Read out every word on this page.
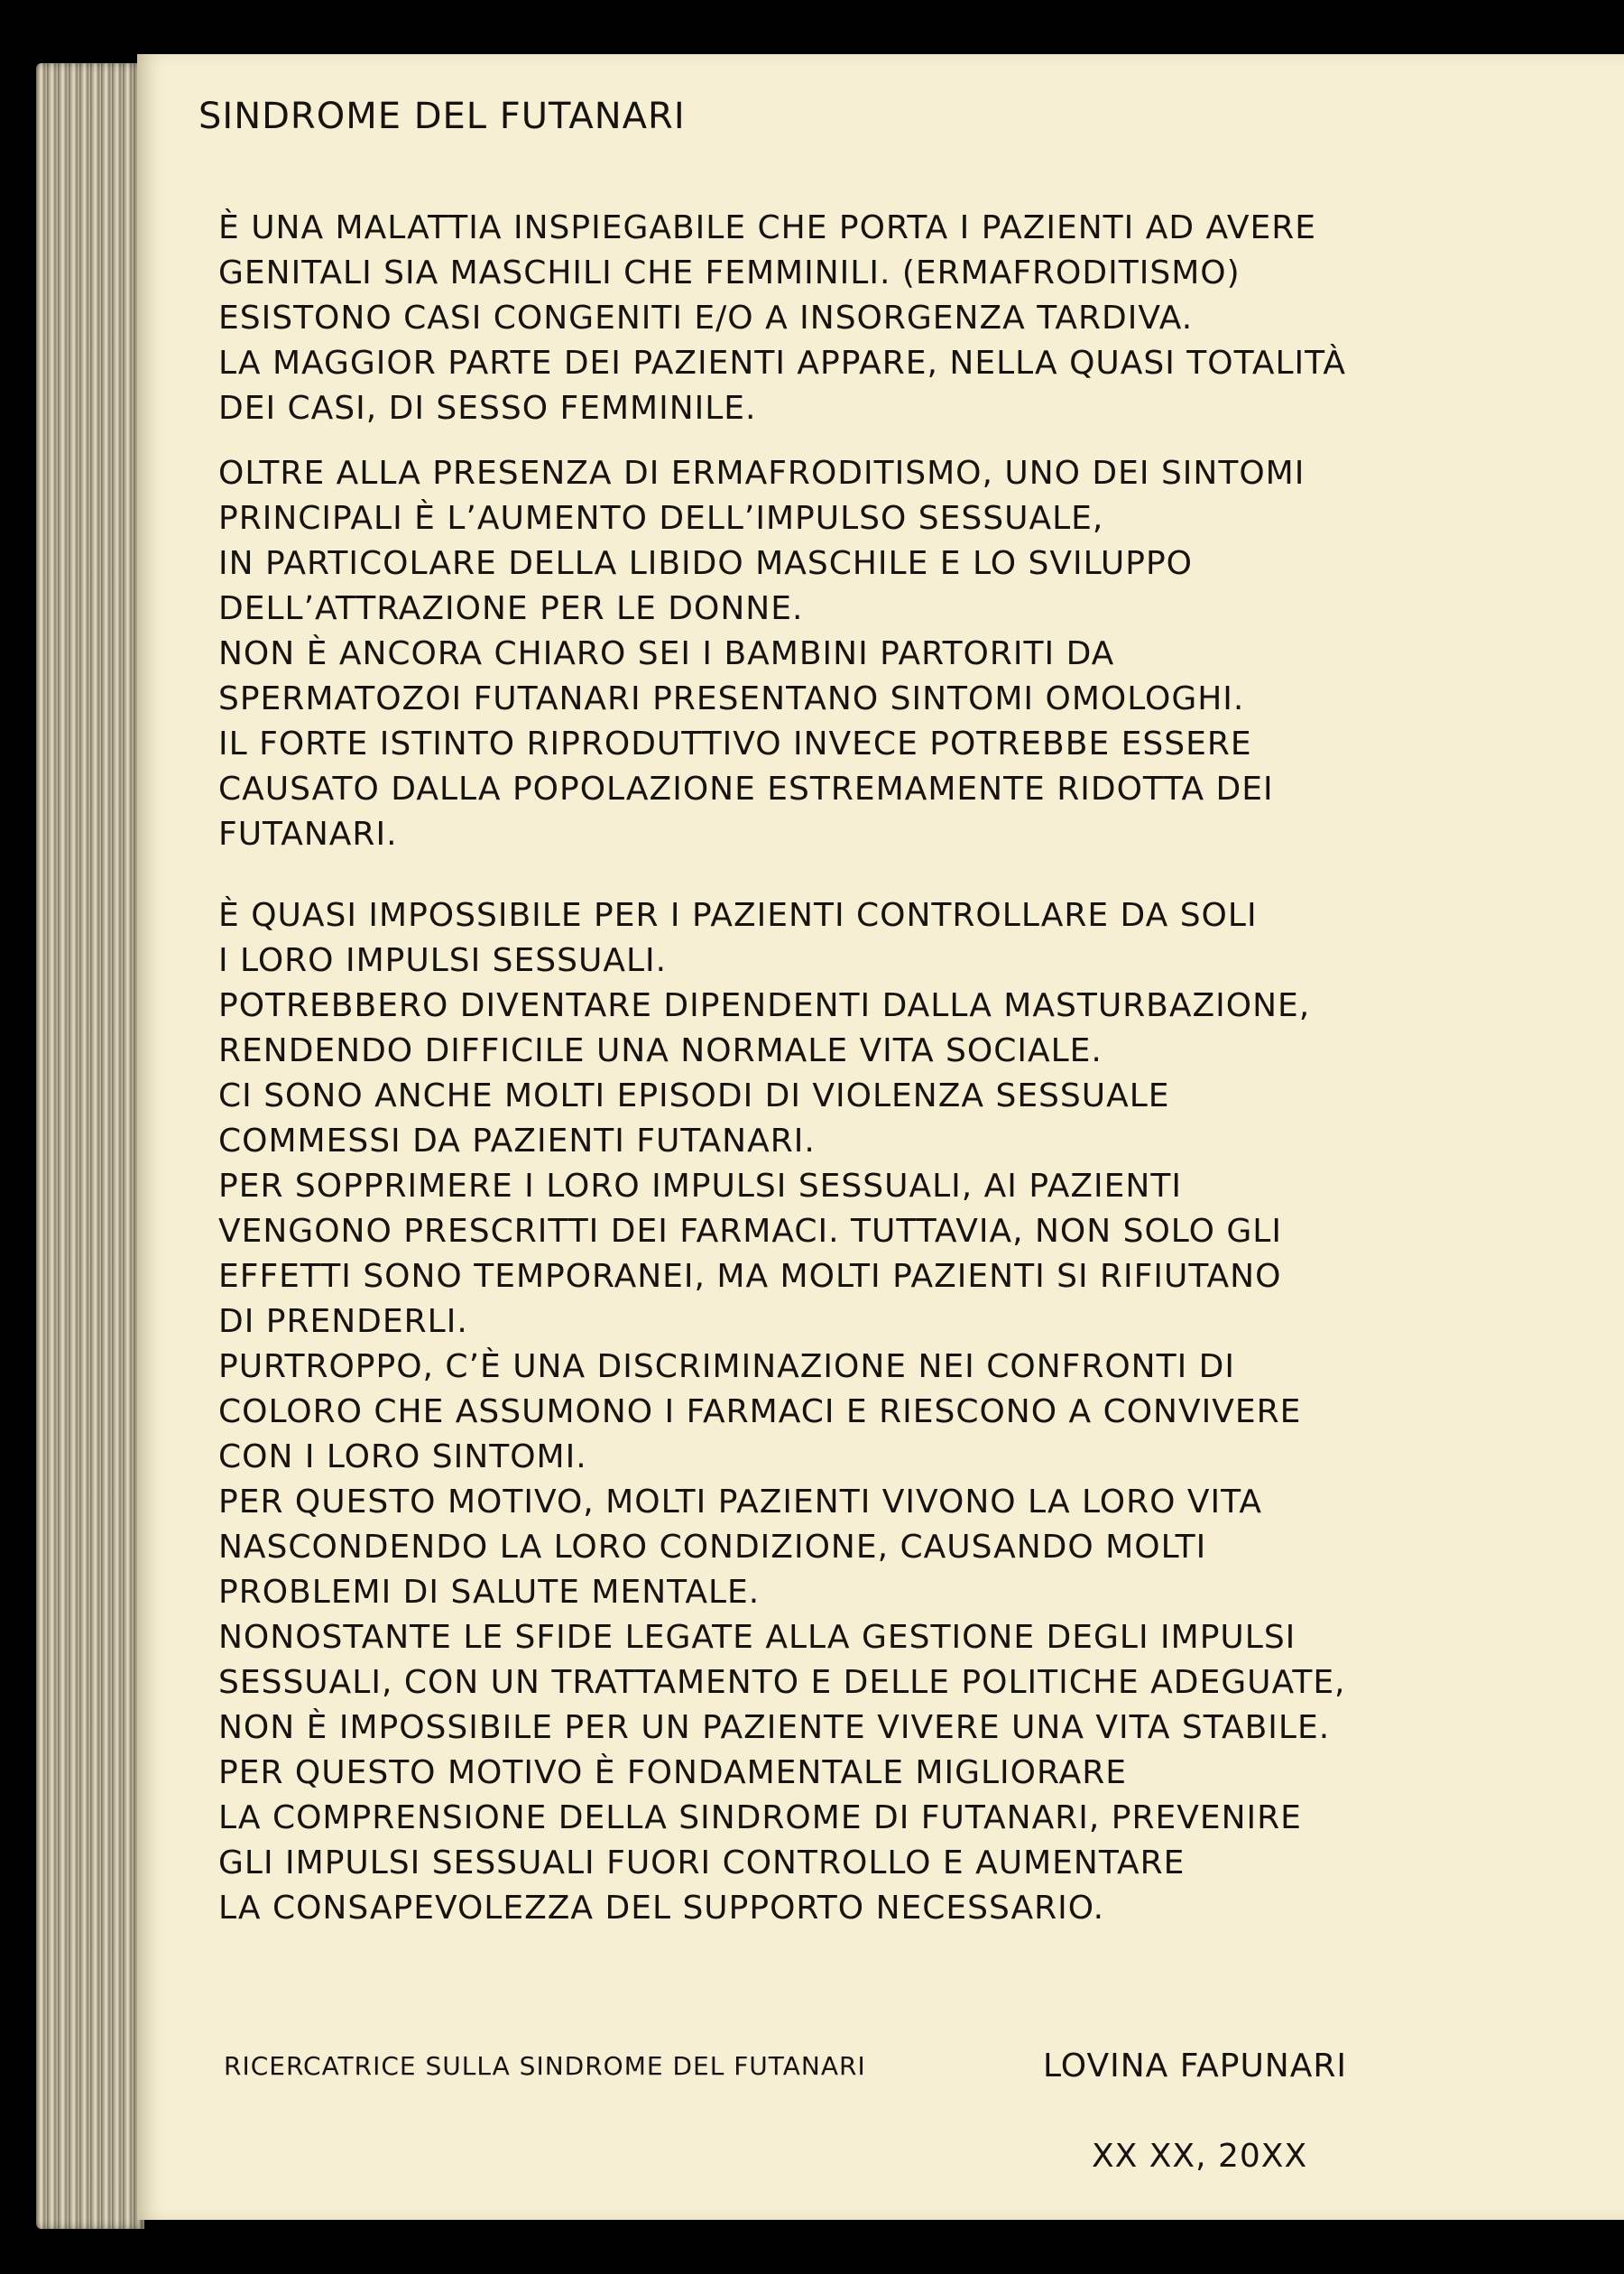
SINDROME DEL FUTANARI

È UNA MALATTIA INSPIEGABILE CHE PORTA I PAZIENTI AD AVERE
GENITALI SIA MASCHILI CHE FEMMINILI. (ERMAFRODITISMO)
ESISTONO CASI CONGENITI E/O A INSORGENZA TARDIVA.
LA MAGGIOR PARTE DEI PAZIENTI APPARE, NELLA QUASI TOTALITÀ
DEI CASI, DI SESSO FEMMINILE.

OLTRE ALLA PRESENZA DI ERMAFRODITISMO, UNO DEI SINTOMI
PRINCIPALI È L’AUMENTO DELL’IMPULSO SESSUALE,
IN PARTICOLARE DELLA LIBIDO MASCHILE E LO SVILUPPO
DELL’ATTRAZIONE PER LE DONNE.
NON È ANCORA CHIARO SEI I BAMBINI PARTORITI DA
SPERMATOZOI FUTANARI PRESENTANO SINTOMI OMOLOGHI.
IL FORTE ISTINTO RIPRODUTTIVO INVECE POTREBBE ESSERE
CAUSATO DALLA POPOLAZIONE ESTREMAMENTE RIDOTTA DEI
FUTANARI.

È QUASI IMPOSSIBILE PER I PAZIENTI CONTROLLARE DA SOLI
I LORO IMPULSI SESSUALI.
POTREBBERO DIVENTARE DIPENDENTI DALLA MASTURBAZIONE,
RENDENDO DIFFICILE UNA NORMALE VITA SOCIALE.
CI SONO ANCHE MOLTI EPISODI DI VIOLENZA SESSUALE
COMMESSI DA PAZIENTI FUTANARI.
PER SOPPRIMERE I LORO IMPULSI SESSUALI, AI PAZIENTI
VENGONO PRESCRITTI DEI FARMACI. TUTTAVIA, NON SOLO GLI
EFFETTI SONO TEMPORANEI, MA MOLTI PAZIENTI SI RIFIUTANO
DI PRENDERLI.
PURTROPPO, C’È UNA DISCRIMINAZIONE NEI CONFRONTI DI
COLORO CHE ASSUMONO I FARMACI E RIESCONO A CONVIVERE
CON I LORO SINTOMI.
PER QUESTO MOTIVO, MOLTI PAZIENTI VIVONO LA LORO VITA
NASCONDENDO LA LORO CONDIZIONE, CAUSANDO MOLTI
PROBLEMI DI SALUTE MENTALE.
NONOSTANTE LE SFIDE LEGATE ALLA GESTIONE DEGLI IMPULSI
SESSUALI, CON UN TRATTAMENTO E DELLE POLITICHE ADEGUATE,
NON È IMPOSSIBILE PER UN PAZIENTE VIVERE UNA VITA STABILE.
PER QUESTO MOTIVO È FONDAMENTALE MIGLIORARE
LA COMPRENSIONE DELLA SINDROME DI FUTANARI, PREVENIRE
GLI IMPULSI SESSUALI FUORI CONTROLLO E AUMENTARE
LA CONSAPEVOLEZZA DEL SUPPORTO NECESSARIO.

RICERCATRICE SULLA SINDROME DEL FUTANARI	LOVINA FAPUNARI
XX XX, 20XX
